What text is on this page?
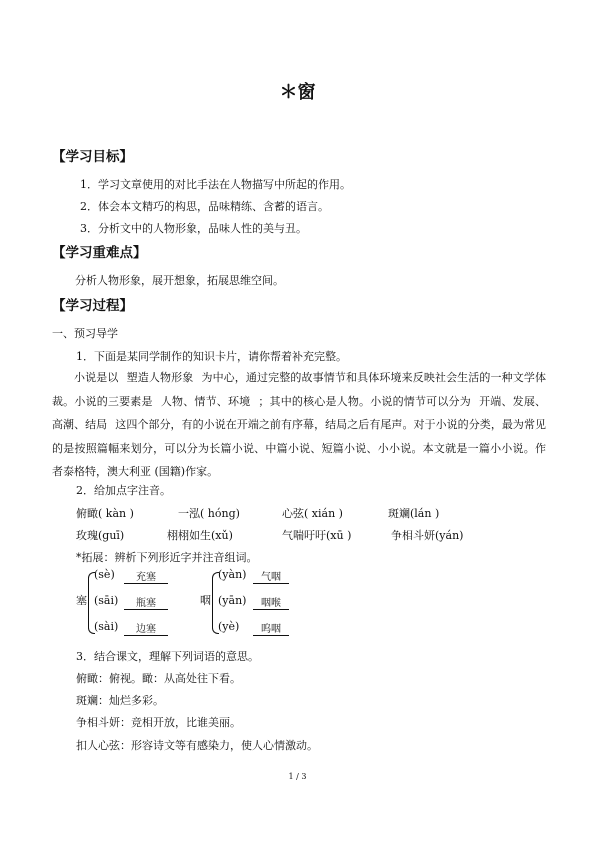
＊窗
【学习目标】
1．学习文章使用的对比手法在人物描写中所起的作用。
2．体会本文精巧的构思，品味精练、含蓄的语言。
3．分析文中的人物形象，品味人性的美与丑。
【学习重难点】
分析人物形象，展开想象，拓展思维空间。
【学习过程】
一、预习导学
1．下面是某同学制作的知识卡片，请你帮着补充完整。
小说是以 塑造人物形象 为中心，通过完整的故事情节和具体环境来反映社会生活的一种文学体裁。小说的三要素是 人物、情节、环境 ；其中的核心是人物。小说的情节可以分为 开端、发展、高潮、结局 这四个部分，有的小说在开端之前有序幕，结局之后有尾声。对于小说的分类，最为常见的是按照篇幅来划分，可以分为长篇小说、中篇小说、短篇小说、小小说。本文就是一篇小小说。作者泰格特，澳大利亚 (国籍)作家。
2．给加点字注音。
俯瞰( kàn )	一泓( hóng)	心弦( xián )	斑斓(lán )
玫瑰(guī)	栩栩如生(xǔ)	气喘吁吁(xū )	争相斗妍(yán)
*拓展：辨析下列形近字并注音组词。
塞
(sè)	充塞
(sāi)	瓶塞
(sài)	边塞
咽
(yàn)	气咽
(yān)	咽喉
(yè)	呜咽
3．结合课文，理解下列词语的意思。
俯瞰：俯视。瞰：从高处往下看。
斑斓：灿烂多彩。
争相斗妍：竞相开放，比谁美丽。
扣人心弦：形容诗文等有感染力，使人心情激动。
1 / 3
